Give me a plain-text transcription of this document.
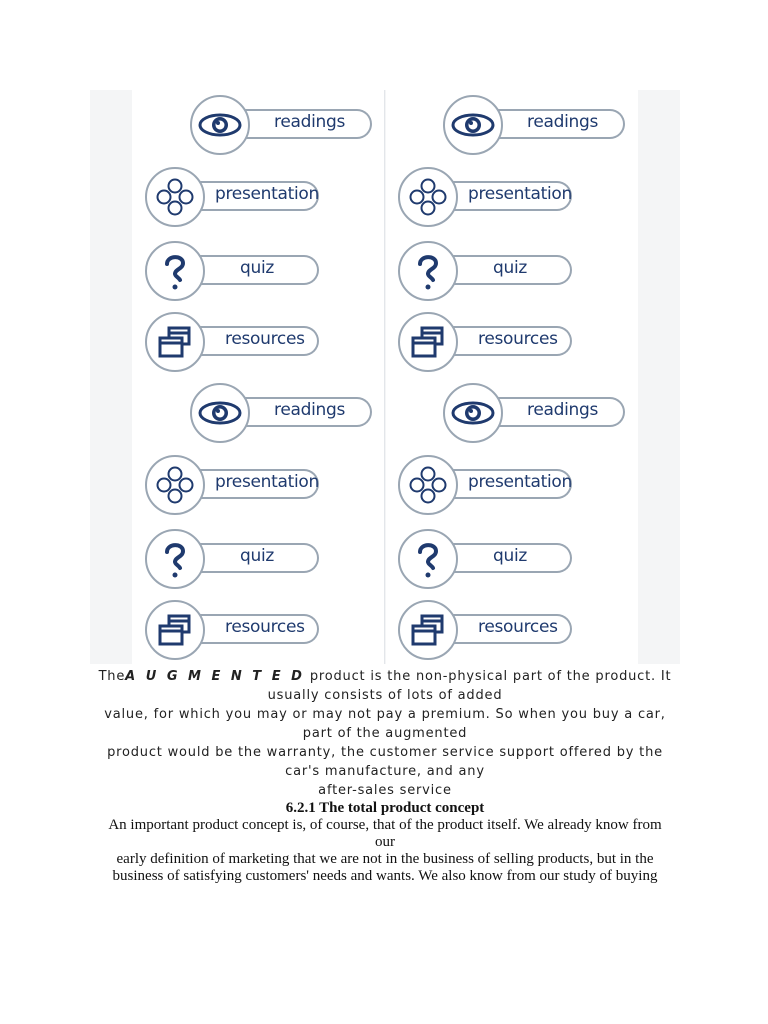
readings
presentation
quiz
resources
readings
presentation
quiz
resources
readings
presentation
quiz
resources
readings
presentation
quiz
resources
TheA U G M E N T E D product is the non-physical part of the product. It
usually consists of lots of added
value, for which you may or may not pay a premium. So when you buy a car,
part of the augmented
product would be the warranty, the customer service support offered by the
car's manufacture, and any
after-sales service
6.2.1 The total product concept
An important product concept is, of course, that of the product itself. We already know from
our
early definition of marketing that we are not in the business of selling products, but in the
business of satisfying customers' needs and wants. We also know from our study of buying
